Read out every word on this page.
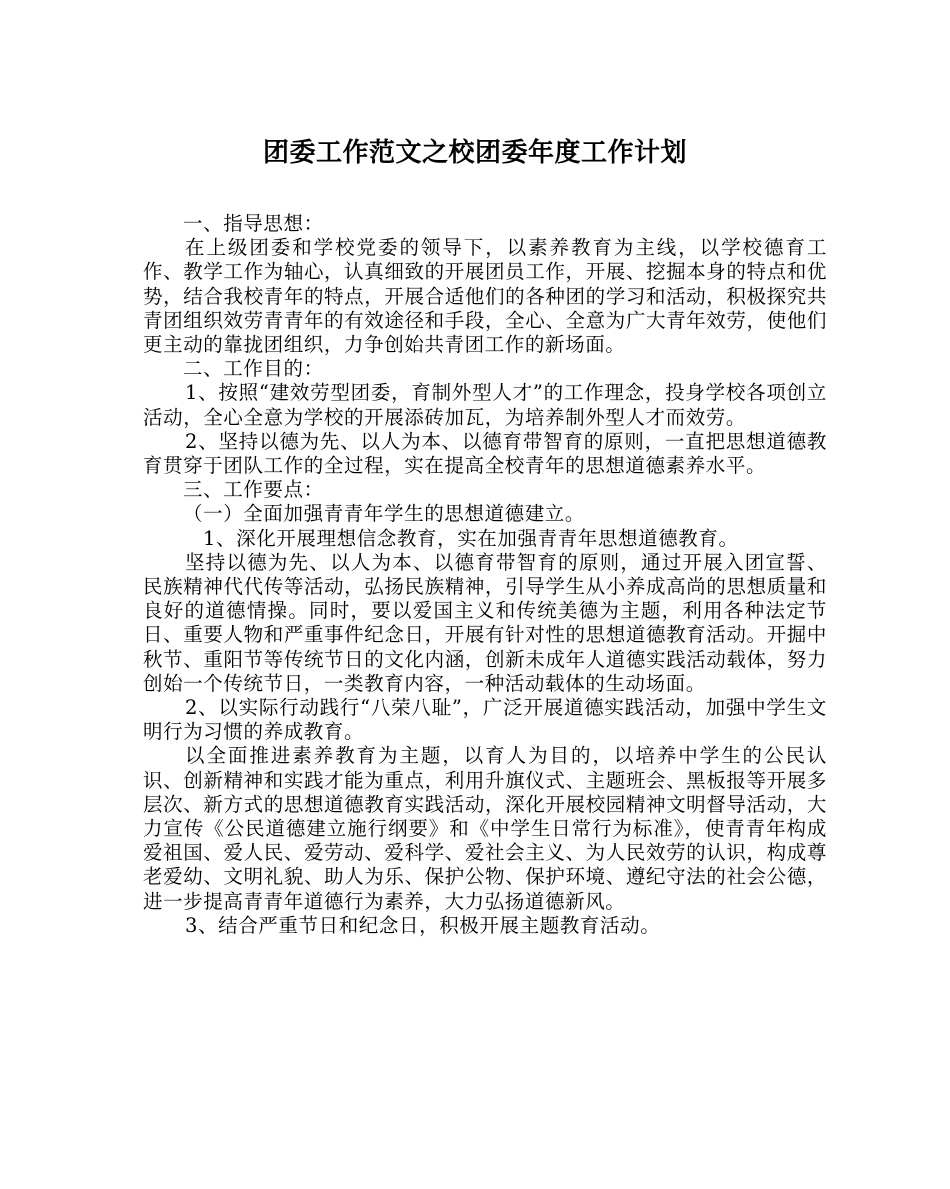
团委工作范文之校团委年度工作计划

一、指导思想：

在上级团委和学校党委的领导下，以素养教育为主线，以学校德育工作、教学工作为轴心，认真细致的开展团员工作，开展、挖掘本身的特点和优势，结合我校青年的特点，开展合适他们的各种团的学习和活动，积极探究共青团组织效劳青青年的有效途径和手段，全心、全意为广大青年效劳，使他们更主动的靠拢团组织，力争创始共青团工作的新场面。

二、工作目的：

1、按照“建效劳型团委，育制外型人才”的工作理念，投身学校各项创立活动，全心全意为学校的开展添砖加瓦，为培养制外型人才而效劳。

2、坚持以德为先、以人为本、以德育带智育的原则，一直把思想道德教育贯穿于团队工作的全过程，实在提高全校青年的思想道德素养水平。

三、工作要点：

（一）全面加强青青年学生的思想道德建立。

1、深化开展理想信念教育，实在加强青青年思想道德教育。

坚持以德为先、以人为本、以德育带智育的原则，通过开展入团宣誓、民族精神代代传等活动，弘扬民族精神，引导学生从小养成高尚的思想质量和良好的道德情操。同时，要以爱国主义和传统美德为主题，利用各种法定节日、重要人物和严重事件纪念日，开展有针对性的思想道德教育活动。开掘中秋节、重阳节等传统节日的文化内涵，创新未成年人道德实践活动载体，努力创始一个传统节日，一类教育内容，一种活动载体的生动场面。

2、以实际行动践行“八荣八耻”，广泛开展道德实践活动，加强中学生文明行为习惯的养成教育。

以全面推进素养教育为主题，以育人为目的，以培养中学生的公民认识、创新精神和实践才能为重点，利用升旗仪式、主题班会、黑板报等开展多层次、新方式的思想道德教育实践活动，深化开展校园精神文明督导活动，大力宣传《公民道德建立施行纲要》和《中学生日常行为标准》，使青青年构成爱祖国、爱人民、爱劳动、爱科学、爱社会主义、为人民效劳的认识，构成尊老爱幼、文明礼貌、助人为乐、保护公物、保护环境、遵纪守法的社会公德，进一步提高青青年道德行为素养，大力弘扬道德新风。

3、结合严重节日和纪念日，积极开展主题教育活动。
